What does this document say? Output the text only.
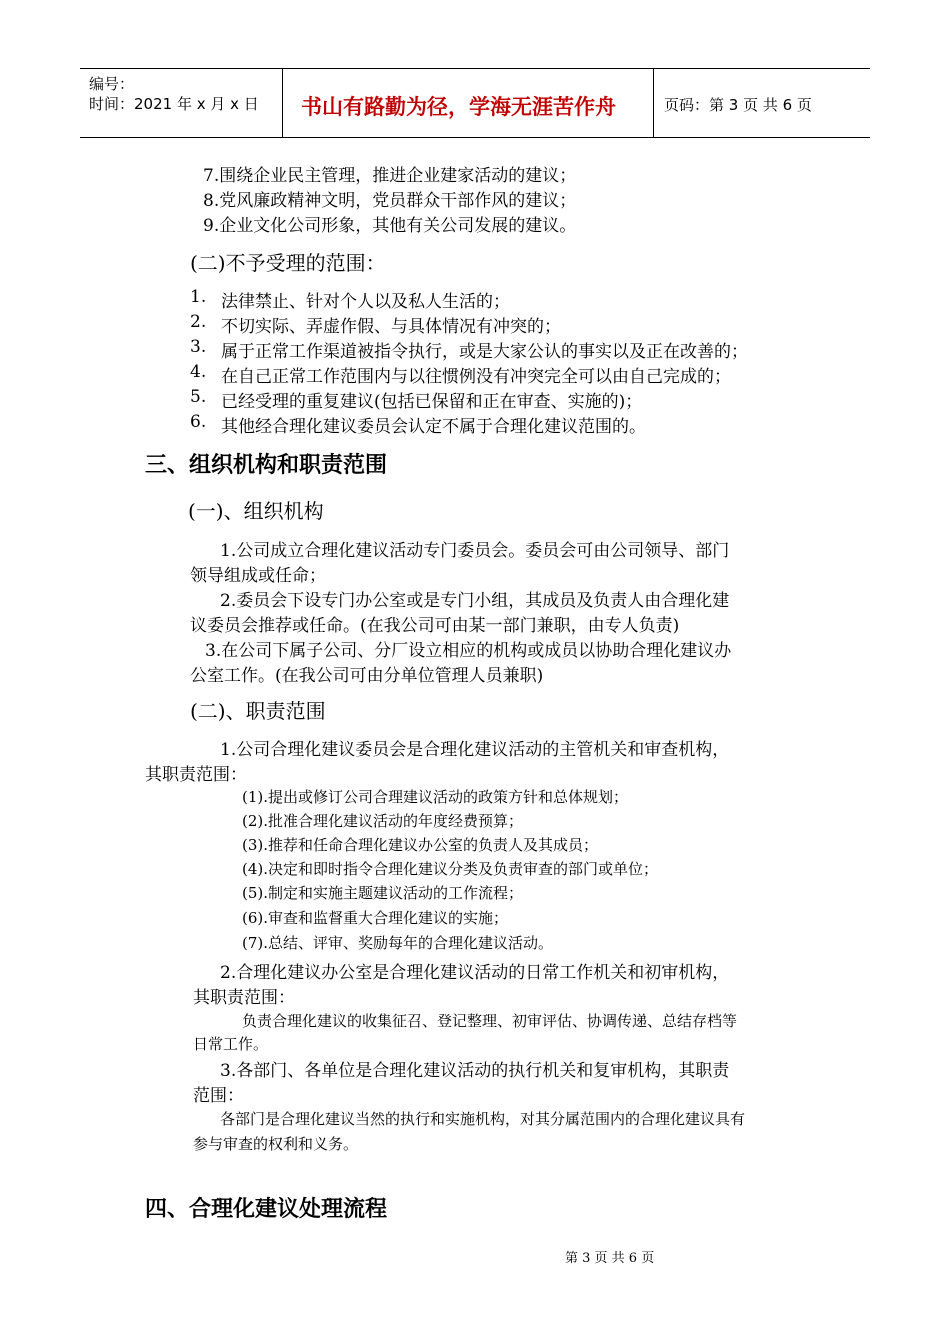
编号：
时间：2021 年 x 月 x 日 书山有路勤为径，学海无涯苦作舟	页码：第 3 页 共 6 页
7.围绕企业民主管理，推进企业建家活动的建议；
8.党风廉政精神文明，党员群众干部作风的建议；
9.企业文化公司形象，其他有关公司发展的建议。
(二)不予受理的范围：
1. 法律禁止、针对个人以及私人生活的；
2. 不切实际、弄虚作假、与具体情况有冲突的；
3. 属于正常工作渠道被指令执行，或是大家公认的事实以及正在改善的；
4. 在自己正常工作范围内与以往惯例没有冲突完全可以由自己完成的；
5. 已经受理的重复建议(包括已保留和正在审查、实施的)；
6. 其他经合理化建议委员会认定不属于合理化建议范围的。
三、组织机构和职责范围
(一)、组织机构
1.公司成立合理化建议活动专门委员会。委员会可由公司领导、部门
领导组成或任命；
2.委员会下设专门办公室或是专门小组，其成员及负责人由合理化建
议委员会推荐或任命。(在我公司可由某一部门兼职，由专人负责)
3.在公司下属子公司、分厂设立相应的机构或成员以协助合理化建议办
公室工作。(在我公司可由分单位管理人员兼职)
(二)、职责范围
1.公司合理化建议委员会是合理化建议活动的主管机关和审查机构，
其职责范围：
(1).提出或修订公司合理建议活动的政策方针和总体规划；
(2).批准合理化建议活动的年度经费预算；
(3).推荐和任命合理化建议办公室的负责人及其成员；
(4).决定和即时指令合理化建议分类及负责审查的部门或单位；
(5).制定和实施主题建议活动的工作流程；
(6).审查和监督重大合理化建议的实施；
(7).总结、评审、奖励每年的合理化建议活动。
2.合理化建议办公室是合理化建议活动的日常工作机关和初审机构，
其职责范围：
负责合理化建议的收集征召、登记整理、初审评估、协调传递、总结存档等
日常工作。
3.各部门、各单位是合理化建议活动的执行机关和复审机构，其职责
范围：
各部门是合理化建议当然的执行和实施机构，对其分属范围内的合理化建议具有
参与审查的权利和义务。
四、合理化建议处理流程
第 3 页 共 6 页
